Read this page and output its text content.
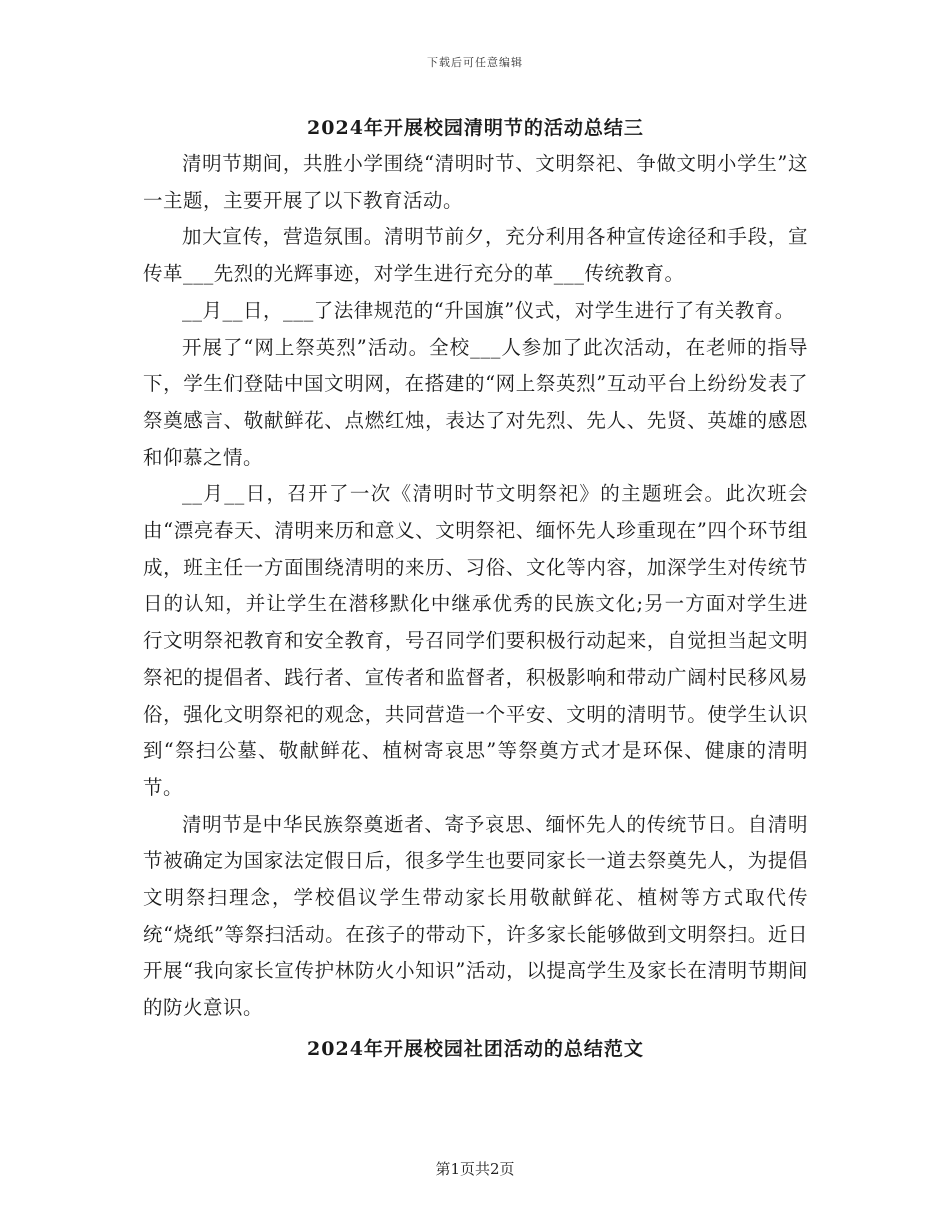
下载后可任意编辑
2024年开展校园清明节的活动总结三

清明节期间，共胜小学围绕“清明时节、文明祭祀、争做文明小学生”这一主题，主要开展了以下教育活动。

加大宣传，营造氛围。清明节前夕，充分利用各种宣传途径和手段，宣传革___先烈的光辉事迹，对学生进行充分的革___传统教育。

__月__日，___了法律规范的“升国旗”仪式，对学生进行了有关教育。

开展了“网上祭英烈”活动。全校___人参加了此次活动，在老师的指导下，学生们登陆中国文明网，在搭建的“网上祭英烈”互动平台上纷纷发表了祭奠感言、敬献鲜花、点燃红烛，表达了对先烈、先人、先贤、英雄的感恩和仰慕之情。

__月__日，召开了一次《清明时节文明祭祀》的主题班会。此次班会由“漂亮春天、清明来历和意义、文明祭祀、缅怀先人珍重现在”四个环节组成，班主任一方面围绕清明的来历、习俗、文化等内容，加深学生对传统节日的认知，并让学生在潜移默化中继承优秀的民族文化;另一方面对学生进行文明祭祀教育和安全教育，号召同学们要积极行动起来，自觉担当起文明祭祀的提倡者、践行者、宣传者和监督者，积极影响和带动广阔村民移风易俗，强化文明祭祀的观念，共同营造一个平安、文明的清明节。使学生认识到“祭扫公墓、敬献鲜花、植树寄哀思”等祭奠方式才是环保、健康的清明节。

清明节是中华民族祭奠逝者、寄予哀思、缅怀先人的传统节日。自清明节被确定为国家法定假日后，很多学生也要同家长一道去祭奠先人，为提倡文明祭扫理念，学校倡议学生带动家长用敬献鲜花、植树等方式取代传统“烧纸”等祭扫活动。在孩子的带动下，许多家长能够做到文明祭扫。近日开展“我向家长宣传护林防火小知识”活动，以提高学生及家长在清明节期间的防火意识。

2024年开展校园社团活动的总结范文
第1页共2页
